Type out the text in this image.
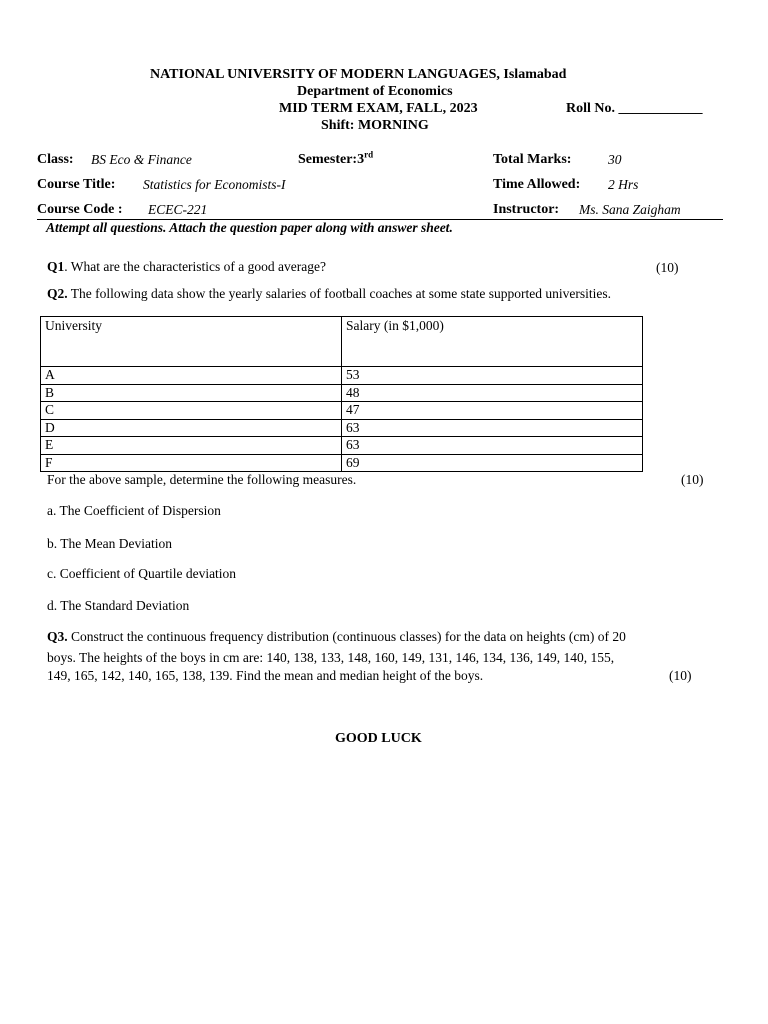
NATIONAL UNIVERSITY OF MODERN LANGUAGES, Islamabad
Department of Economics
MID TERM EXAM, FALL, 2023	Roll No. ____________
Shift: MORNING
Class: BS Eco & Finance	Semester:3rd	Total Marks:	30
Course Title: Statistics for Economists-I	Time Allowed: 2 Hrs
Course Code : ECEC-221	Instructor: Ms. Sana Zaigham
Attempt all questions. Attach the question paper along with answer sheet.
Q1. What are the characteristics of a good average?	(10)
Q2. The following data show the yearly salaries of football coaches at some state supported universities.
University	Salary (in $1,000)
A	53
B	48
C	47
D	63
E	63
F	69
For the above sample, determine the following measures.	(10)
a. The Coefficient of Dispersion
b. The Mean Deviation
c. Coefficient of Quartile deviation
d. The Standard Deviation
Q3. Construct the continuous frequency distribution (continuous classes) for the data on heights (cm) of 20
boys. The heights of the boys in cm are: 140, 138, 133, 148, 160, 149, 131, 146, 134, 136, 149, 140, 155,
149, 165, 142, 140, 165, 138, 139. Find the mean and median height of the boys.	(10)
GOOD LUCK
